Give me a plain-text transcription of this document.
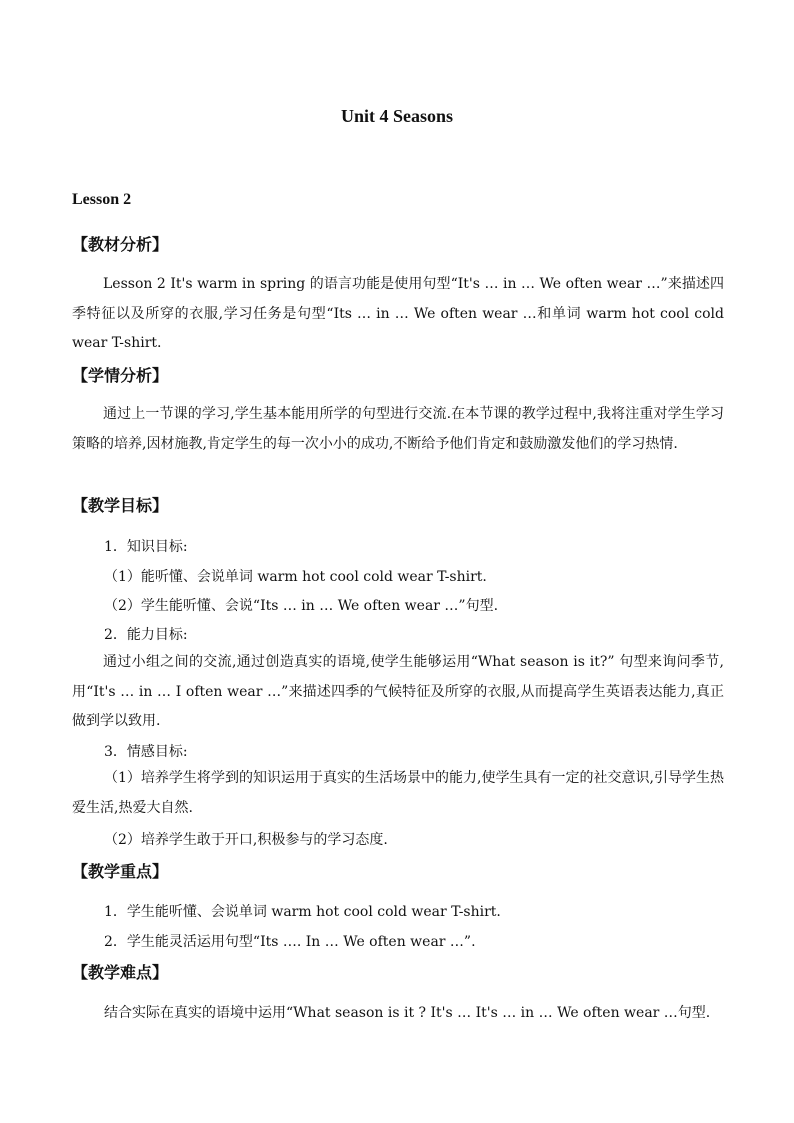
Unit 4 Seasons
Lesson 2
【教材分析】

Lesson 2 It's warm in spring 的语言功能是使用句型“It's … in … We often wear …”来描述四季特征以及所穿的衣服,学习任务是句型“Its … in … We often wear …和单词 warm hot cool cold wear T-shirt.

【学情分析】

通过上一节课的学习,学生基本能用所学的句型进行交流.在本节课的教学过程中,我将注重对学生学习策略的培养,因材施教,肯定学生的每一次小小的成功,不断给予他们肯定和鼓励激发他们的学习热情.

【教学目标】

1．知识目标:

（1）能听懂、会说单词 warm hot cool cold wear T-shirt.

（2）学生能听懂、会说“Its … in … We often wear …”句型.

2．能力目标:

通过小组之间的交流,通过创造真实的语境,使学生能够运用“What season is it?” 句型来询问季节,用“It's … in … I often wear …”来描述四季的气候特征及所穿的衣服,从而提高学生英语表达能力,真正做到学以致用.

3．情感目标:

（1）培养学生将学到的知识运用于真实的生活场景中的能力,使学生具有一定的社交意识,引导学生热爱生活,热爱大自然.

（2）培养学生敢于开口,积极参与的学习态度.

【教学重点】

1．学生能听懂、会说单词 warm hot cool cold wear T-shirt.

2．学生能灵活运用句型“Its …. In … We often wear …”.

【教学难点】

结合实际在真实的语境中运用“What season is it ? It's … It's … in … We often wear …句型.
